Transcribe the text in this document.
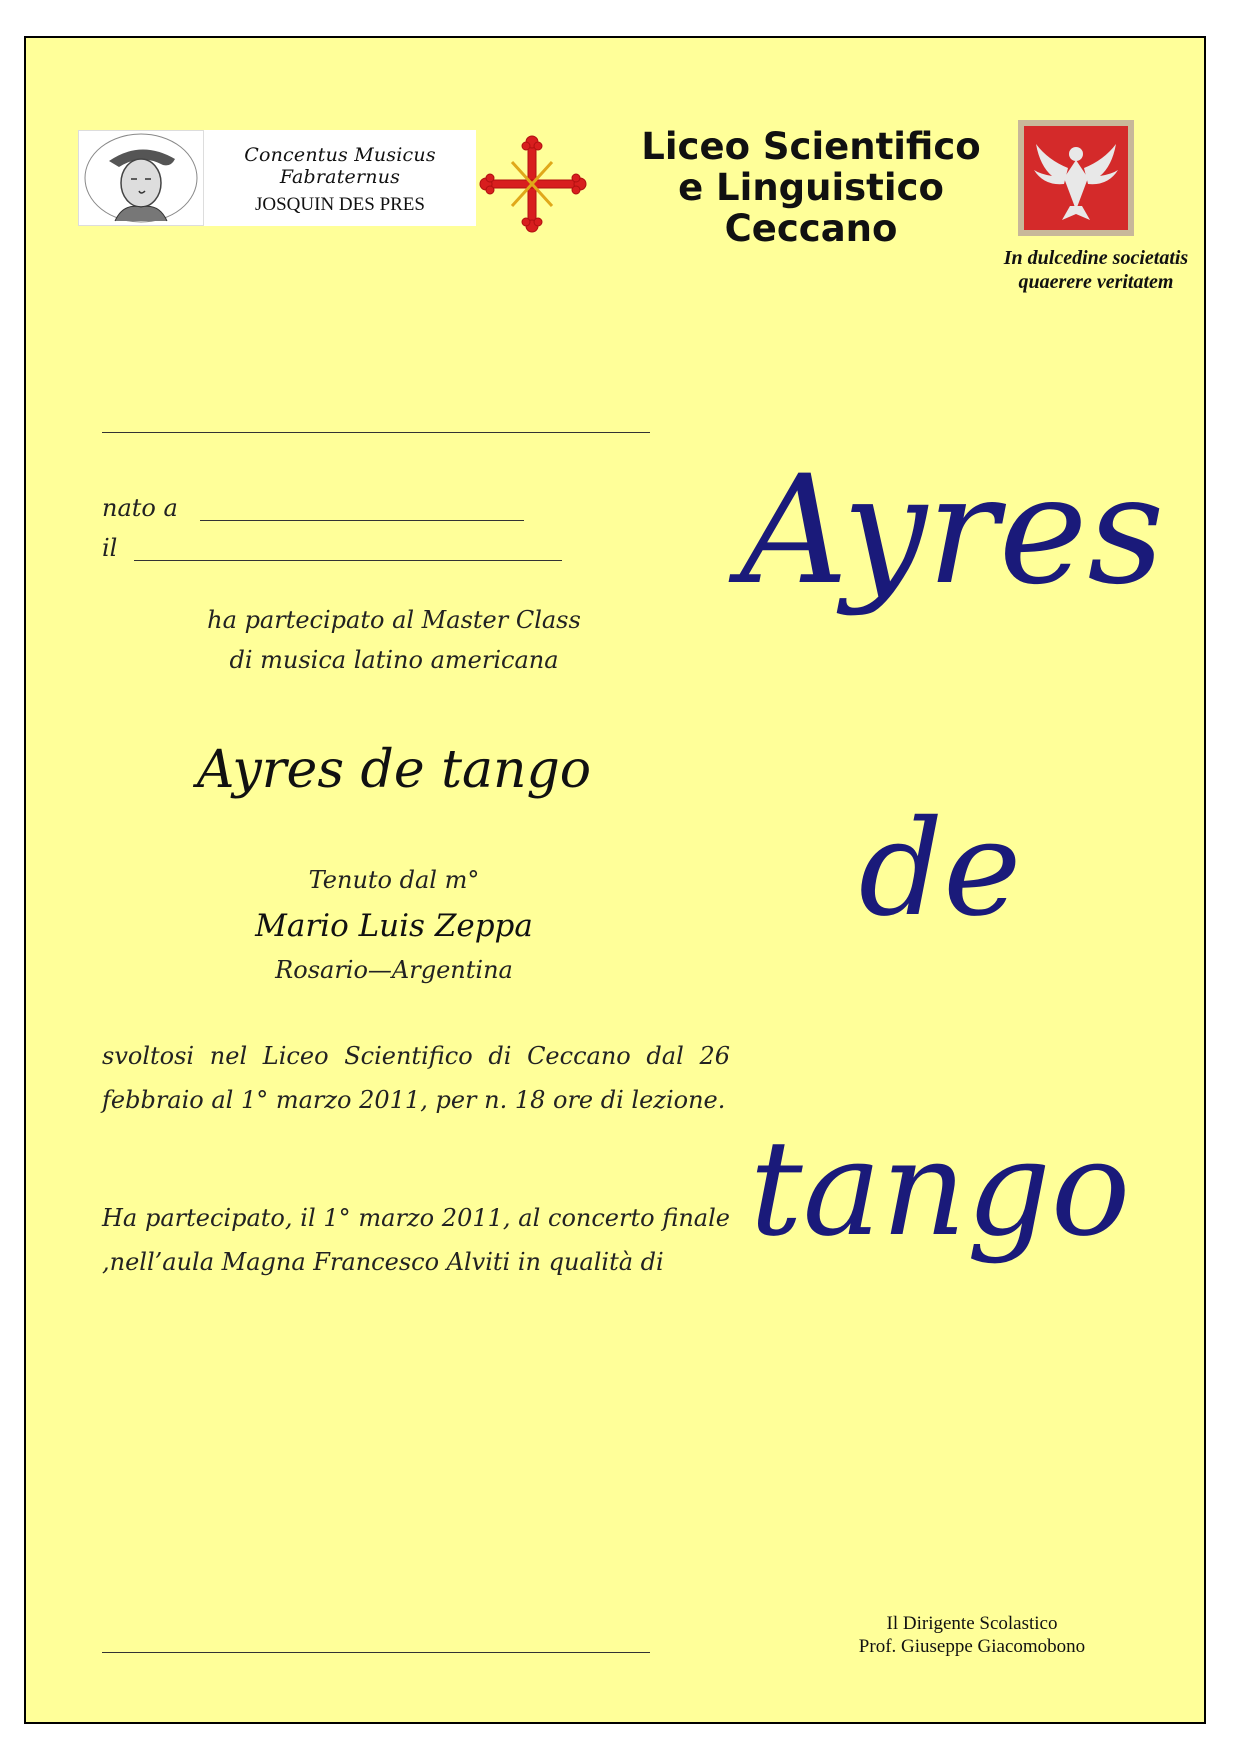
Concentus Musicus Fabraternus
JOSQUIN DES PRES
Liceo Scientifico
e Linguistico
Ceccano
In dulcedine societatis
quaerere veritatem
nato a
il
ha partecipato al Master Class
di musica latino americana
Ayres de tango
Tenuto dal m°
Mario Luis Zeppa
Rosario—Argentina
svoltosi nel Liceo Scientifico di Ceccano dal 26 febbraio al 1° marzo 2011, per n. 18 ore di lezione.
Ha partecipato, il 1° marzo 2011, al concerto finale ,nell’aula Magna Francesco Alviti in qualità di
Ayres
de
tango
Il Dirigente Scolastico
Prof. Giuseppe Giacomobono
